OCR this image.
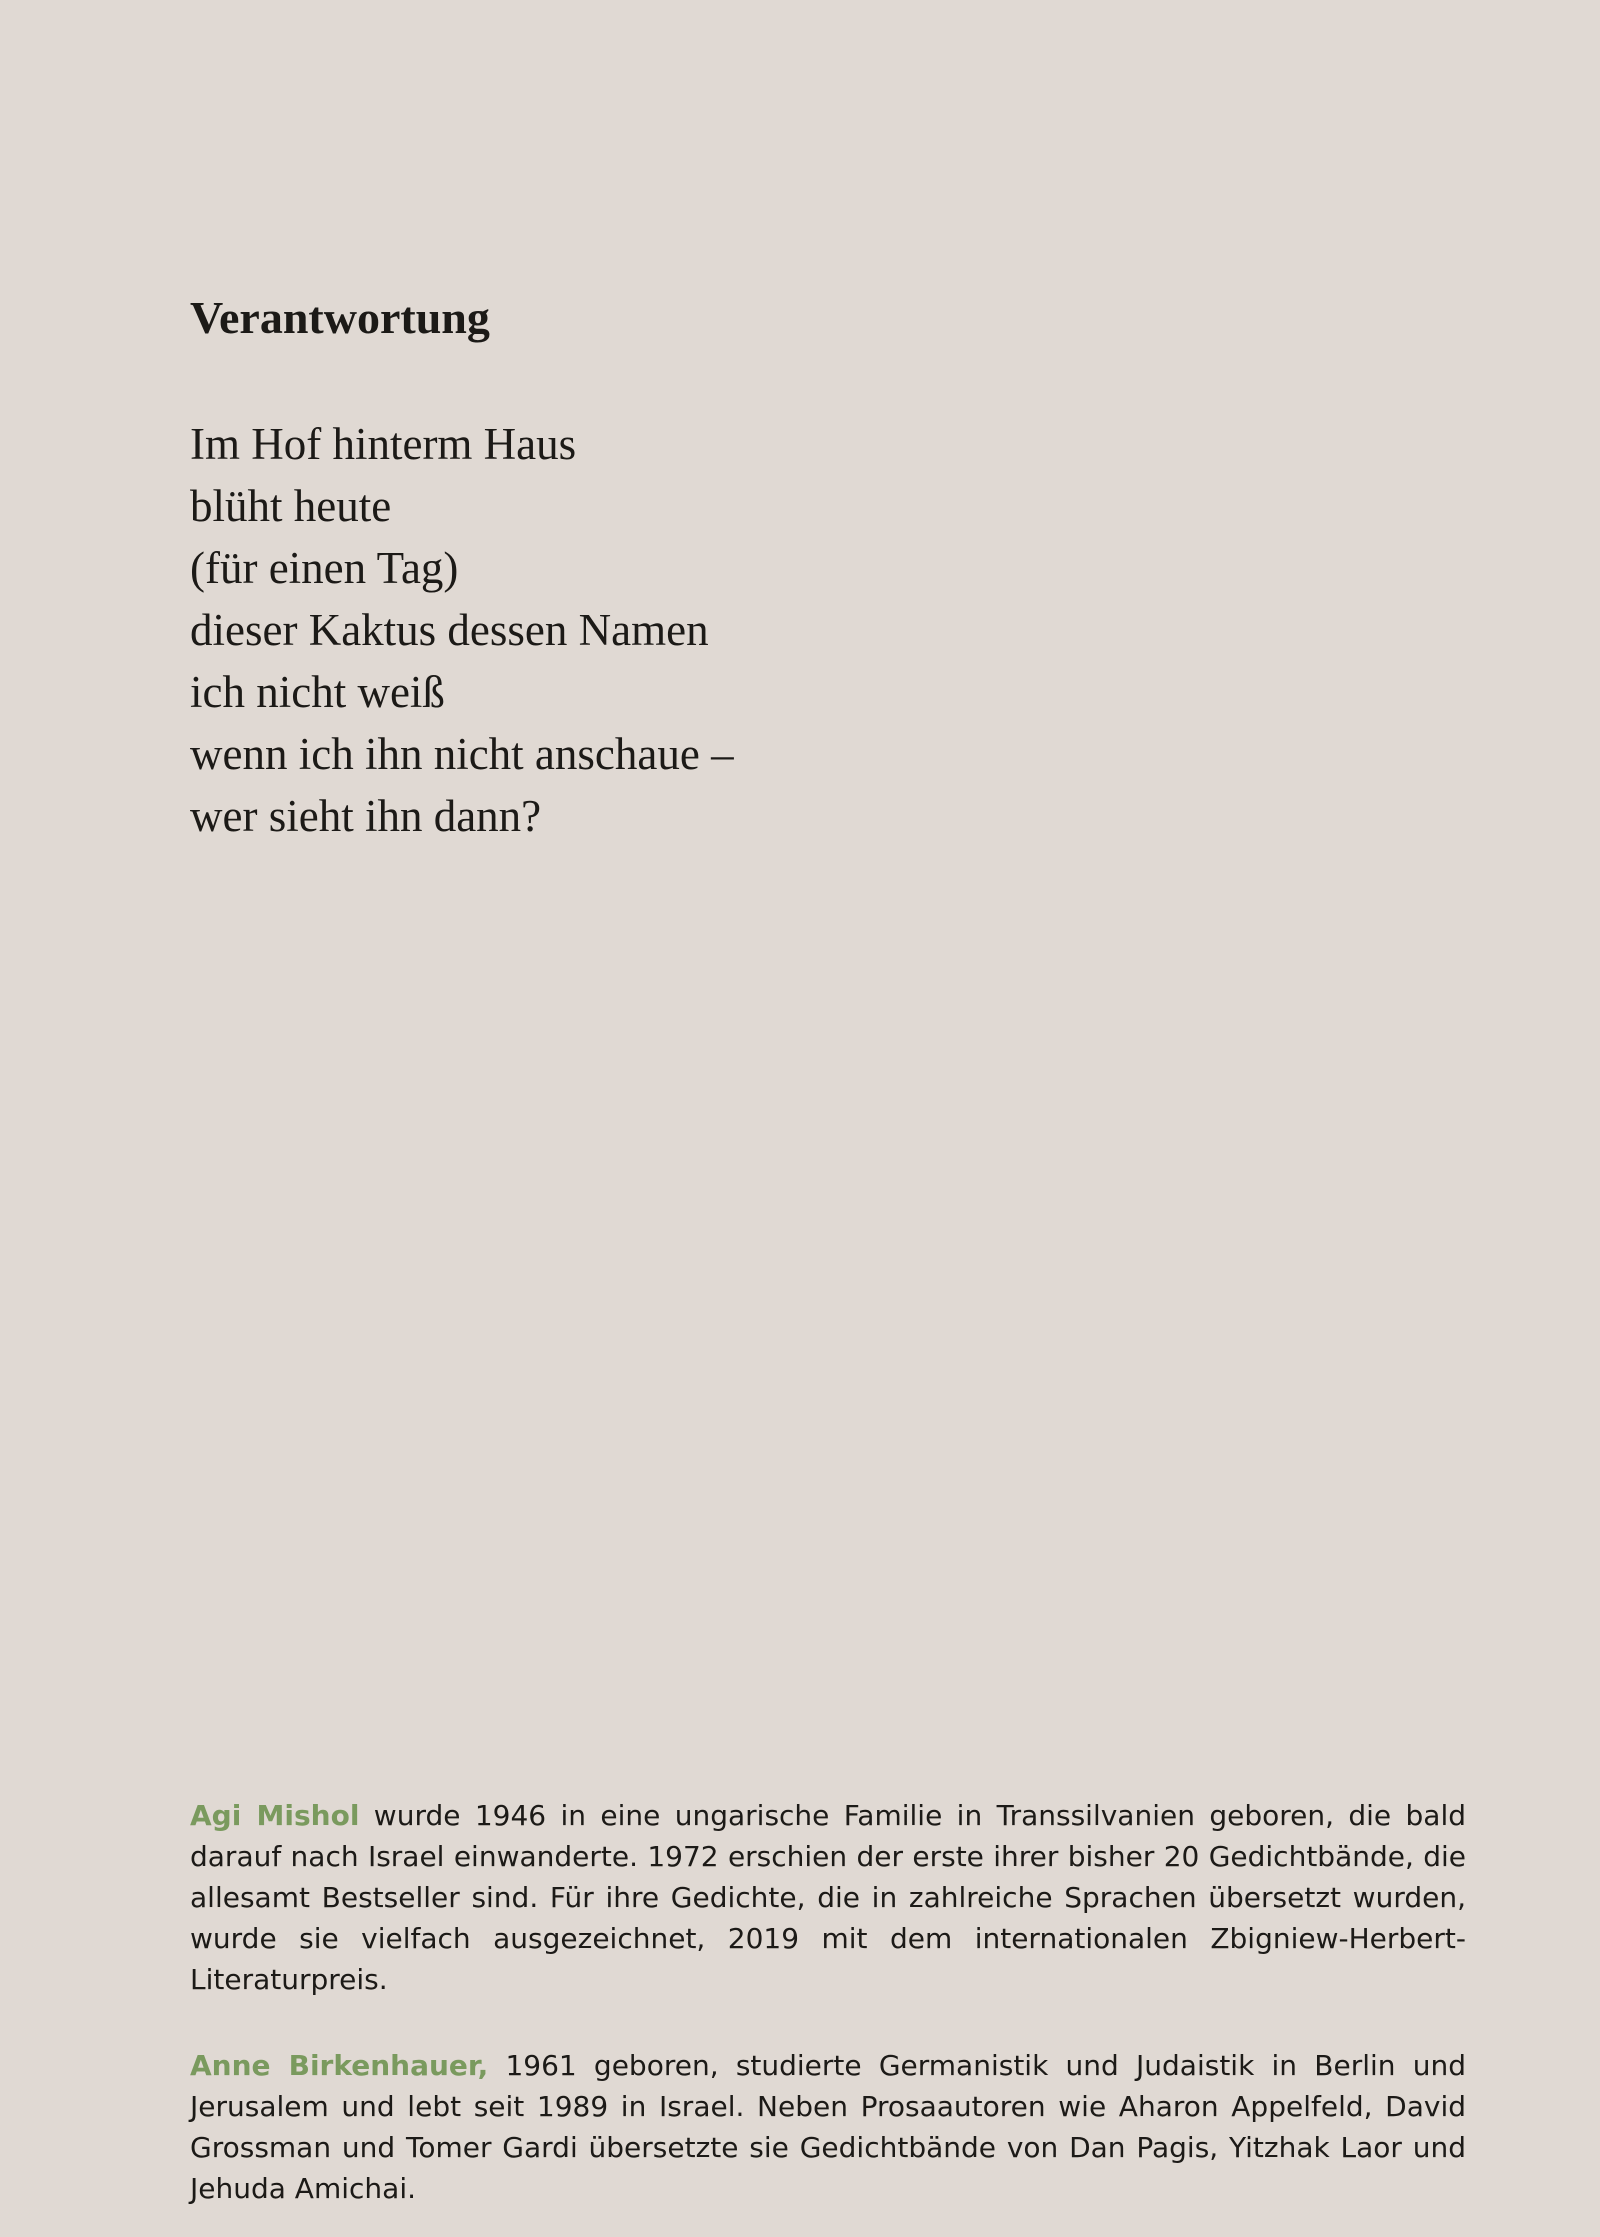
Verantwortung
Im Hof hinterm Haus
blüht heute
(für einen Tag)
dieser Kaktus dessen Namen
ich nicht weiß
wenn ich ihn nicht anschaue –
wer sieht ihn dann?

Agi Mishol wurde 1946 in eine ungarische Familie in Transsilvanien geboren, die bald darauf nach Israel einwanderte. 1972 erschien der erste ihrer bisher 20 Gedichtbände, die allesamt Bestseller sind. Für ihre Gedichte, die in zahlreiche Sprachen übersetzt wurden, wurde sie vielfach ausgezeichnet, 2019 mit dem internationalen Zbigniew-Herbert-Literaturpreis.

Anne Birkenhauer, 1961 geboren, studierte Germanistik und Judaistik in Berlin und Jerusalem und lebt seit 1989 in Israel. Neben Prosaautoren wie Aharon Appelfeld, David Grossman und Tomer Gardi übersetzte sie Gedichtbände von Dan Pagis, Yitzhak Laor und Jehuda Amichai.
